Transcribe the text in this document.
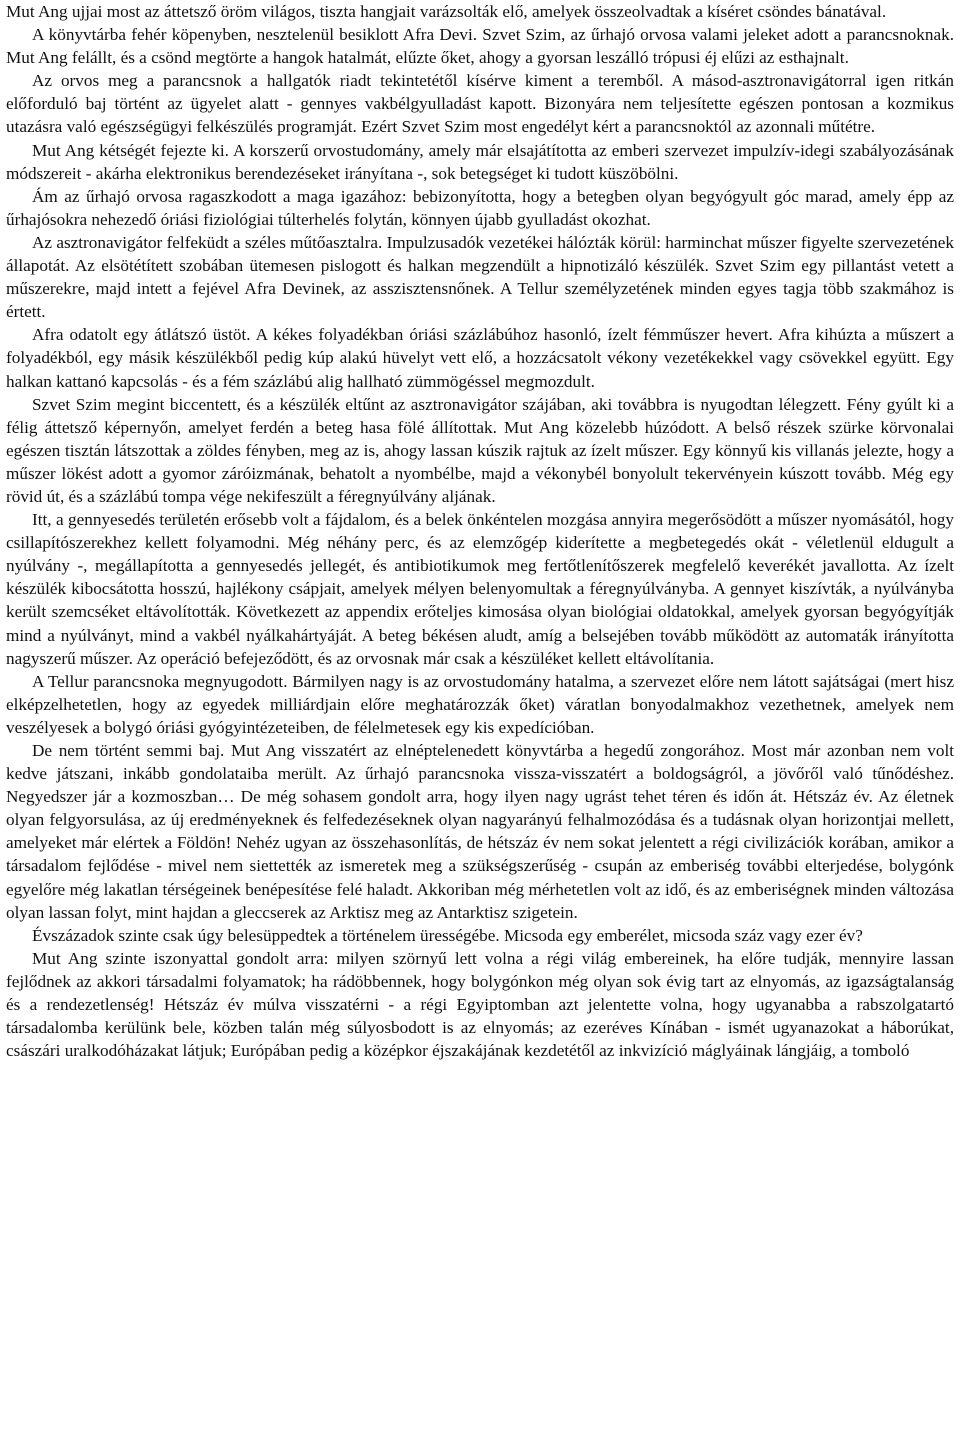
Mut Ang ujjai most az áttetsző öröm világos, tiszta hangjait varázsolták elő, amelyek összeolvadtak a kíséret csöndes bánatával.

A könyvtárba fehér köpenyben, nesztelenül besiklott Afra Devi. Szvet Szim, az űrhajó orvosa valami jeleket adott a parancsnoknak. Mut Ang felállt, és a csönd megtörte a hangok hatalmát, elűzte őket, ahogy a gyorsan leszálló trópusi éj elűzi az esthajnalt.

Az orvos meg a parancsnok a hallgatók riadt tekintetétől kísérve kiment a teremből. A másod-asztronavigátorral igen ritkán előforduló baj történt az ügyelet alatt - gennyes vakbélgyulladást kapott. Bizonyára nem teljesítette egészen pontosan a kozmikus utazásra való egészségügyi felkészülés programját. Ezért Szvet Szim most engedélyt kért a parancsnoktól az azonnali műtétre.

Mut Ang kétségét fejezte ki. A korszerű orvostudomány, amely már elsajátította az emberi szervezet impulzív-idegi szabályozásának módszereit - akárha elektronikus berendezéseket irányítana -, sok betegséget ki tudott küszöbölni.

Ám az űrhajó orvosa ragaszkodott a maga igazához: bebizonyította, hogy a betegben olyan begyógyult góc marad, amely épp az űrhajósokra nehezedő óriási fiziológiai túlterhelés folytán, könnyen újabb gyulladást okozhat.

Az asztronavigátor felfeküdt a széles műtőasztalra. Impulzusadók vezetékei hálózták körül: harminchat műszer figyelte szervezetének állapotát. Az elsötétített szobában ütemesen pislogott és halkan megzendült a hipnotizáló készülék. Szvet Szim egy pillantást vetett a műszerekre, majd intett a fejével Afra Devinek, az asszisztensnőnek. A Tellur személyzetének minden egyes tagja több szakmához is értett.

Afra odatolt egy átlátszó üstöt. A kékes folyadékban óriási százlábúhoz hasonló, ízelt fémműszer hevert. Afra kihúzta a műszert a folyadékból, egy másik készülékből pedig kúp alakú hüvelyt vett elő, a hozzácsatolt vékony vezetékekkel vagy csövekkel együtt. Egy halkan kattanó kapcsolás - és a fém százlábú alig hallható zümmögéssel megmozdult.

Szvet Szim megint biccentett, és a készülék eltűnt az asztronavigátor szájában, aki továbbra is nyugodtan lélegzett. Fény gyúlt ki a félig áttetsző képernyőn, amelyet ferdén a beteg hasa fölé állítottak. Mut Ang közelebb húzódott. A belső részek szürke körvonalai egészen tisztán látszottak a zöldes fényben, meg az is, ahogy lassan kúszik rajtuk az ízelt műszer. Egy könnyű kis villanás jelezte, hogy a műszer lökést adott a gyomor záróizmának, behatolt a nyombélbe, majd a vékonybél bonyolult tekervényein kúszott tovább. Még egy rövid út, és a százlábú tompa vége nekifeszült a féregnyúlvány aljának.

Itt, a gennyesedés területén erősebb volt a fájdalom, és a belek önkéntelen mozgása annyira megerősödött a műszer nyomásától, hogy csillapítószerekhez kellett folyamodni. Még néhány perc, és az elemzőgép kiderítette a megbetegedés okát - véletlenül eldugult a nyúlvány -, megállapította a gennyesedés jellegét, és antibiotikumok meg fertőtlenítőszerek megfelelő keverékét javallotta. Az ízelt készülék kibocsátotta hosszú, hajlékony csápjait, amelyek mélyen belenyomultak a féregnyúlványba. A gennyet kiszívták, a nyúlványba került szemcséket eltávolították. Következett az appendix erőteljes kimosása olyan biológiai oldatokkal, amelyek gyorsan begyógyítják mind a nyúlványt, mind a vakbél nyálkahártyáját. A beteg békésen aludt, amíg a belsejében tovább működött az automaták irányította nagyszerű műszer. Az operáció befejeződött, és az orvosnak már csak a készüléket kellett eltávolítania.

A Tellur parancsnoka megnyugodott. Bármilyen nagy is az orvostudomány hatalma, a szervezet előre nem látott sajátságai (mert hisz elképzelhetetlen, hogy az egyedek milliárdjain előre meghatározzák őket) váratlan bonyodalmakhoz vezethetnek, amelyek nem veszélyesek a bolygó óriási gyógyintézeteiben, de félelmetesek egy kis expedícióban.

De nem történt semmi baj. Mut Ang visszatért az elnéptelenedett könyvtárba a hegedű zongorához. Most már azonban nem volt kedve játszani, inkább gondolataiba merült. Az űrhajó parancsnoka vissza-visszatért a boldogságról, a jövőről való tűnődéshez. Negyedszer jár a kozmoszban… De még sohasem gondolt arra, hogy ilyen nagy ugrást tehet téren és időn át. Hétszáz év. Az életnek olyan felgyorsulása, az új eredményeknek és felfedezéseknek olyan nagyarányú felhalmozódása és a tudásnak olyan horizontjai mellett, amelyeket már elértek a Földön! Nehéz ugyan az összehasonlítás, de hétszáz év nem sokat jelentett a régi civilizációk korában, amikor a társadalom fejlődése - mivel nem siettették az ismeretek meg a szükségszerűség - csupán az emberiség további elterjedése, bolygónk egyelőre még lakatlan térségeinek benépesítése felé haladt. Akkoriban még mérhetetlen volt az idő, és az emberiségnek minden változása olyan lassan folyt, mint hajdan a gleccserek az Arktisz meg az Antarktisz szigetein.

Évszázadok szinte csak úgy belesüppedtek a történelem ürességébe. Micsoda egy emberélet, micsoda száz vagy ezer év?

Mut Ang szinte iszonyattal gondolt arra: milyen szörnyű lett volna a régi világ embereinek, ha előre tudják, mennyire lassan fejlődnek az akkori társadalmi folyamatok; ha rádöbbennek, hogy bolygónkon még olyan sok évig tart az elnyomás, az igazságtalanság és a rendezetlenség! Hétszáz év múlva visszatérni - a régi Egyiptomban azt jelentette volna, hogy ugyanabba a rabszolgatartó társadalomba kerülünk bele, közben talán még súlyosbodott is az elnyomás; az ezeréves Kínában - ismét ugyanazokat a háborúkat, császári uralkodóházakat látjuk; Európában pedig a középkor éjszakájának kezdetétől az inkvizíció máglyáinak lángjáig, a tomboló
